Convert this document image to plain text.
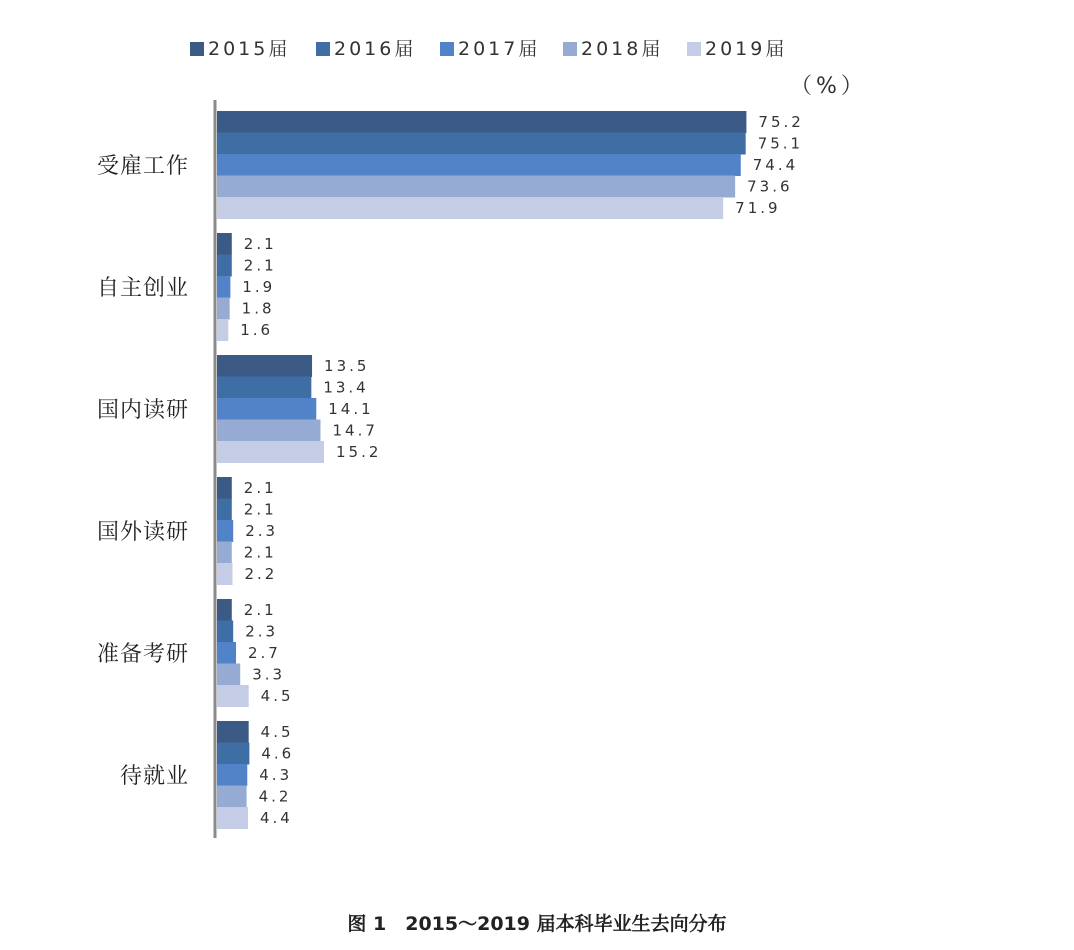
2015届 2016届 2017届 2018届 2019届
（%）
75.2
75.1
74.4
73.6
71.9
2.1
2.1
1.9
1.8
1.6
13.5
13.4
14.1
14.7
15.2
2.1
2.1
2.3
2.1
2.2
2.1
2.3
2.7
3.3
4.5
4.5
4.6
4.3
4.2
4.4
受雇工作
自主创业
国内读研
国外读研
准备考研
待就业
图 1　2015～2019 届本科毕业生去向分布
